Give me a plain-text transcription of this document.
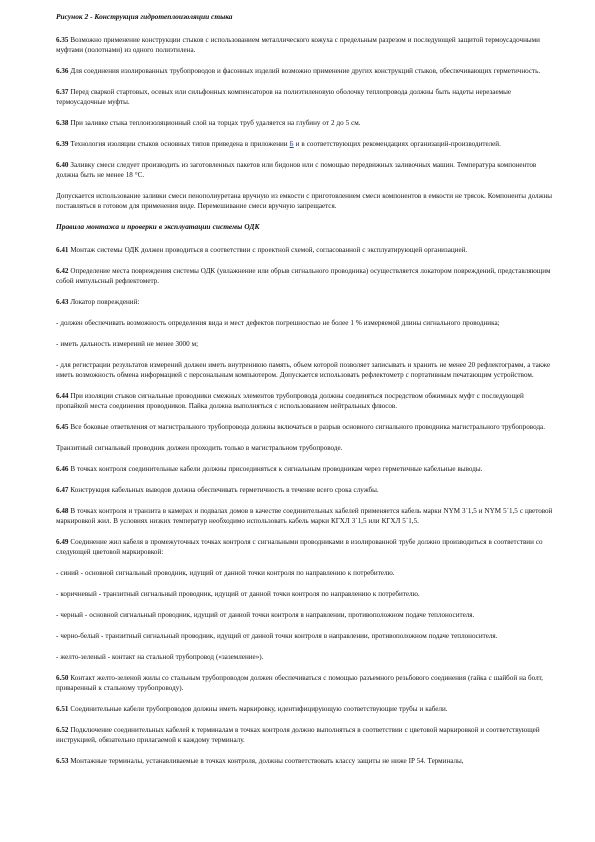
Рисунок 2 - Конструкция гидротеплоизоляции стыка

6.35 Возможно применение конструкции стыков с использованием металлического кожуха с предельным разрезом и последующей защитой термоусадочными муфтами (полотнами) из одного полиэтилена.

6.36 Для соединения изолированных трубопроводов и фасонных изделий возможно применение других конструкций стыков, обеспечивающих герметичность.

6.37 Перед сваркой стартовых, осевых или сильфонных компенсаторов на полиэтиленовую оболочку теплопровода должны быть надеты нерезаемые термоусадочные муфты.

6.38 При заливке стыка теплоизоляционный слой на торцах труб удаляется на глубину от 2 до 5 см.

6.39 Технология изоляции стыков основных типов приведена в приложении Б и в соответствующих рекомендациях организаций-производителей.

6.40 Заливку смеси следует производить из заготовленных пакетов или бидонов или с помощью передвижных заливочных машин. Температура компонентов должна быть не менее 18 °С.

Допускается использование заливки смеси пенополиуретана вручную из емкости с приготовлением смеси компонентов в емкости не трясок. Компоненты должны поставляться в готовом для применения виде. Перемешивание смеси вручную запрещается.

Правила монтажа и проверки в эксплуатации системы ОДК

6.41 Монтаж системы ОДК должен проводиться в соответствии с проектной схемой, согласованной с эксплуатирующей организацией.

6.42 Определение места повреждения системы ОДК (увлажнение или обрыв сигнального проводника) осуществляется локатором повреждений, представляющим собой импульсный рефлектометр.

6.43 Локатор повреждений:

- должен обеспечивать возможность определения вида и мест дефектов погрешностью не более 1 % измеряемой длины сигнального проводника;

- иметь дальность измерений не менее 3000 м;

- для регистрации результатов измерений должен иметь внутреннюю память, объем которой позволяет записывать и хранить не менее 20 рефлектограмм, а также иметь возможность обмена информацией с персональным компьютером. Допускается использовать рефлектометр с портативным печатающим устройством.

6.44 При изоляции стыков сигнальные проводники смежных элементов трубопровода должны соединяться посредством обжимных муфт с последующей пропайкой места соединения проводников. Пайка должна выполняться с использованием нейтральных флюсов.

6.45 Все боковые ответвления от магистрального трубопровода должны включаться в разрыв основного сигнального проводника магистрального трубопровода.

Транзитный сигнальный проводник должен проходить только в магистральном трубопроводе.

6.46 В точках контроля соединительные кабели должны присоединяться к сигнальным проводникам через герметичные кабельные выводы.

6.47 Конструкция кабельных выводов должна обеспечивать герметичность в течение всего срока службы.

6.48 В точках контроля и транзита в камерах и подвалах домов в качестве соединительных кабелей применяется кабель марки NYM 3´1,5 и NYM 5´1,5 с цветовой маркировкой жил. В условиях низких температур необходимо использовать кабель марки КГХЛ 3´1,5 или КГХЛ 5´1,5.

6.49 Соединение жил кабеля в промежуточных точках контроля с сигнальными проводниками в изолированной трубе должно производиться в соответствии со следующей цветовой маркировкой:

- синий - основной сигнальный проводник, идущий от данной точки контроля по направлению к потребителю.

- коричневый - транзитный сигнальный проводник, идущий от данной точки контроля по направлению к потребителю.

- черный - основной сигнальный проводник, идущий от данной точки контроля в направлении, противоположном подаче теплоносителя.

- черно-белый - транзитный сигнальный проводник, идущий от данной точки контроля в направлении, противоположном подаче теплоносителя.

- желто-зеленый - контакт на стальной трубопровод («заземление»).

6.50 Контакт желто-зеленой жилы со стальным трубопроводом должен обеспечиваться с помощью разъемного резьбового соединения (гайка с шайбой на болт, приваренный к стальному трубопроводу).

6.51 Соединительные кабели трубопроводов должны иметь маркировку, идентифицирующую соответствующие трубы и кабели.

6.52 Подключение соединительных кабелей к терминалам в точках контроля должно выполняться в соответствии с цветовой маркировкой и соответствующей инструкцией, обязательно прилагаемой к каждому терминалу.

6.53 Монтажные терминалы, устанавливаемые в точках контроля, должны соответствовать классу защиты не ниже IP 54. Терминалы,
